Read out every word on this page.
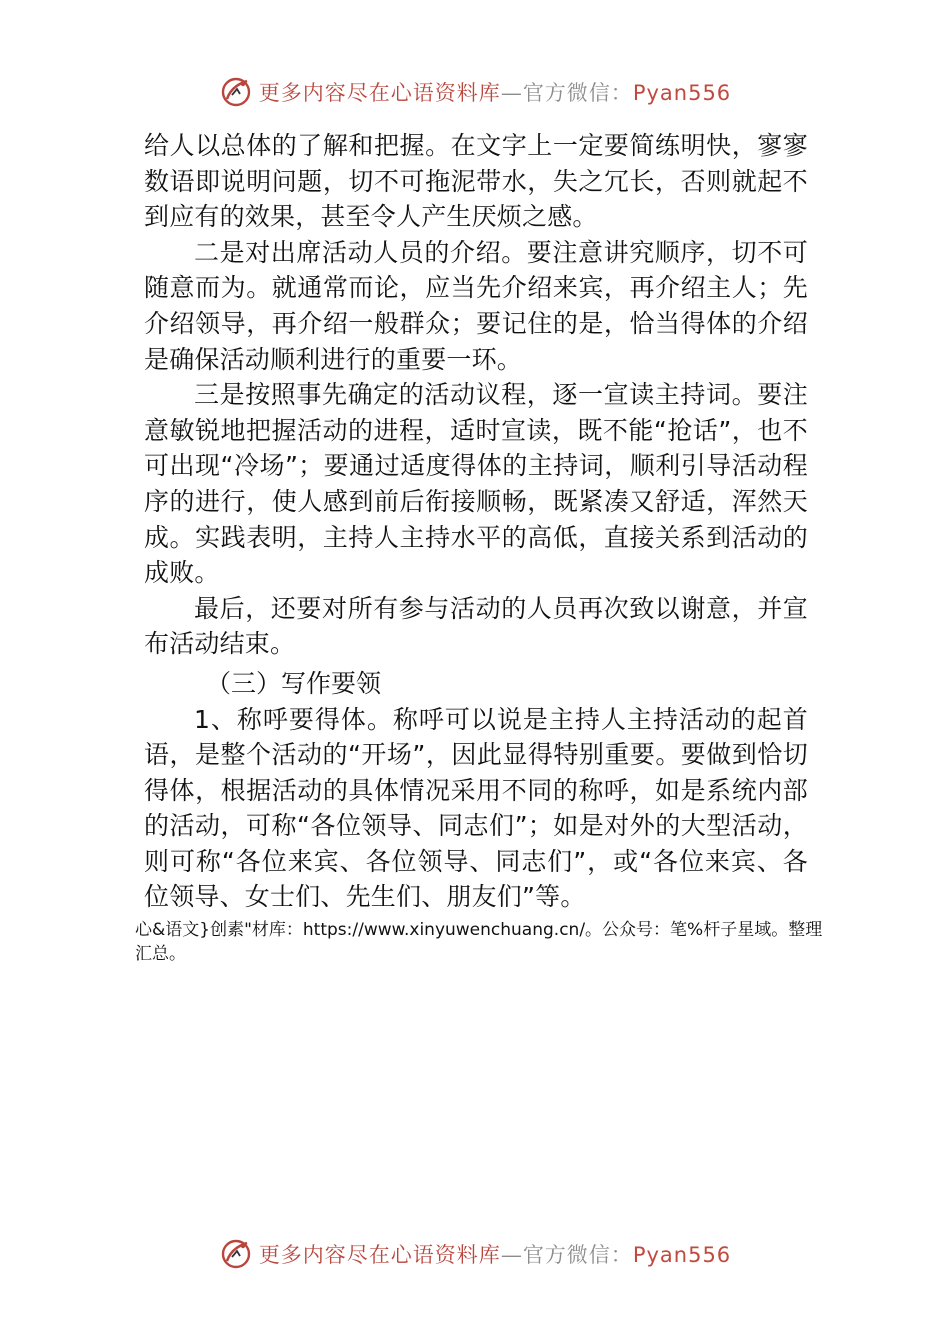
更多内容尽在心语资料库—官方微信：Pyan556

给人以总体的了解和把握。在文字上一定要简练明快，寥寥数语即说明问题，切不可拖泥带水，失之冗长，否则就起不到应有的效果，甚至令人产生厌烦之感。

二是对出席活动人员的介绍。要注意讲究顺序，切不可随意而为。就通常而论，应当先介绍来宾，再介绍主人；先介绍领导，再介绍一般群众；要记住的是，恰当得体的介绍是确保活动顺利进行的重要一环。

三是按照事先确定的活动议程，逐一宣读主持词。要注意敏锐地把握活动的进程，适时宣读，既不能“抢话”，也不可出现“冷场”；要通过适度得体的主持词，顺利引导活动程序的进行，使人感到前后衔接顺畅，既紧凑又舒适，浑然天成。实践表明，主持人主持水平的高低，直接关系到活动的成败。

最后，还要对所有参与活动的人员再次致以谢意，并宣布活动结束。

（三）写作要领

1、称呼要得体。称呼可以说是主持人主持活动的起首语，是整个活动的“开场”，因此显得特别重要。要做到恰切得体，根据活动的具体情况采用不同的称呼，如是系统内部的活动，可称“各位领导、同志们”；如是对外的大型活动，则可称“各位来宾、各位领导、同志们”，或“各位来宾、各位领导、女士们、先生们、朋友们”等。

心&语文}创素"材库：https://www.xinyuwenchuang.cn/。公众号：笔%杆子星域。整理汇总。

更多内容尽在心语资料库—官方微信：Pyan556
